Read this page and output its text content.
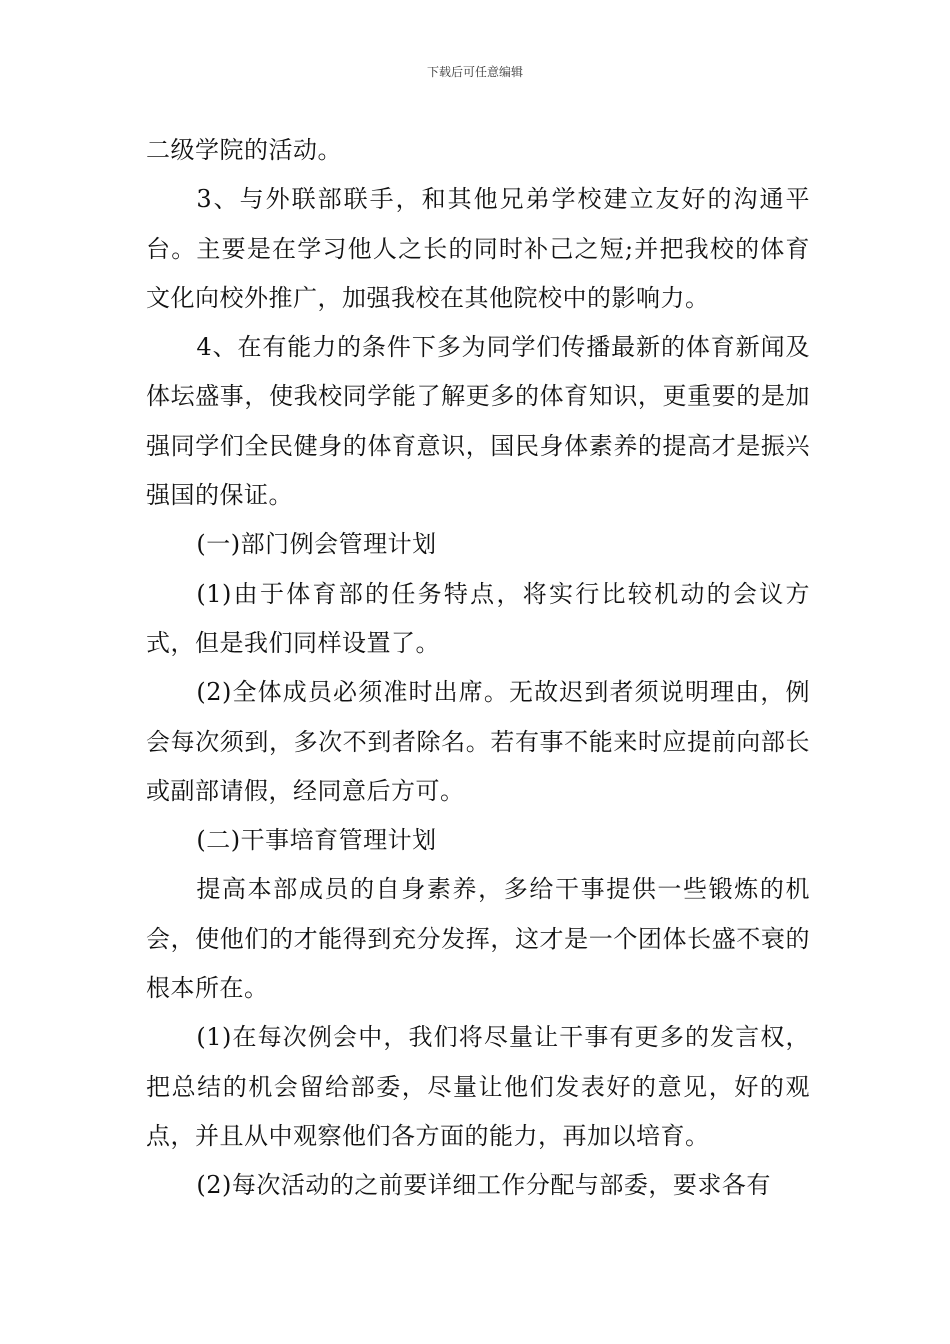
下载后可任意编辑

二级学院的活动。

3、与外联部联手，和其他兄弟学校建立友好的沟通平台。主要是在学习他人之长的同时补己之短;并把我校的体育文化向校外推广，加强我校在其他院校中的影响力。

4、在有能力的条件下多为同学们传播最新的体育新闻及体坛盛事，使我校同学能了解更多的体育知识，更重要的是加强同学们全民健身的体育意识，国民身体素养的提高才是振兴强国的保证。

(一)部门例会管理计划

(1)由于体育部的任务特点，将实行比较机动的会议方式，但是我们同样设置了。

(2)全体成员必须准时出席。无故迟到者须说明理由，例会每次须到，多次不到者除名。若有事不能来时应提前向部长或副部请假，经同意后方可。

(二)干事培育管理计划

提高本部成员的自身素养，多给干事提供一些锻炼的机会，使他们的才能得到充分发挥，这才是一个团体长盛不衰的根本所在。

(1)在每次例会中，我们将尽量让干事有更多的发言权，把总结的机会留给部委，尽量让他们发表好的意见，好的观点，并且从中观察他们各方面的能力，再加以培育。

(2)每次活动的之前要详细工作分配与部委，要求各有
